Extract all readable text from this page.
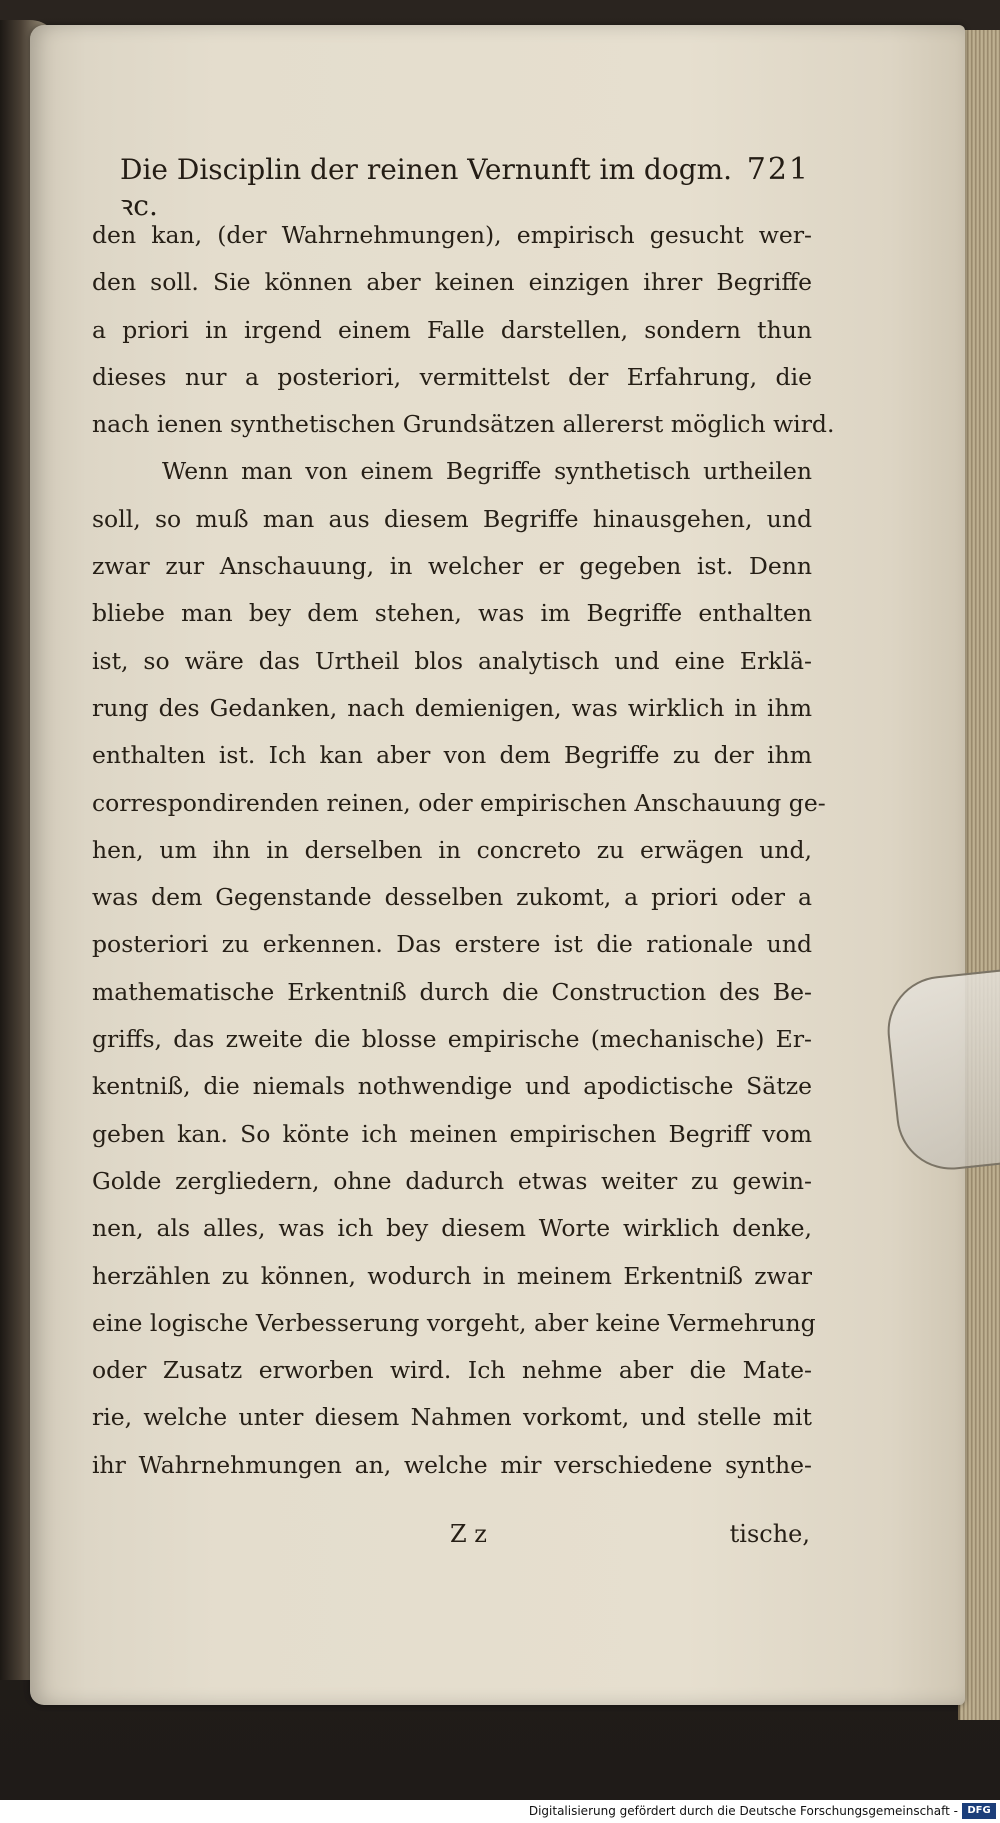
Die Disciplin der reinen Vernunft im dogm. ꝛc.
721
den kan, (der Wahrnehmungen), empirisch gesucht wer-
den soll. Sie können aber keinen einzigen ihrer Begriffe
a priori in irgend einem Falle darstellen, sondern thun
dieses nur a posteriori, vermittelst der Erfahrung, die
nach ienen synthetischen Grundsätzen allererst möglich wird.
Wenn man von einem Begriffe synthetisch urtheilen
soll, so muß man aus diesem Begriffe hinausgehen, und
zwar zur Anschauung, in welcher er gegeben ist. Denn
bliebe man bey dem stehen, was im Begriffe enthalten
ist, so wäre das Urtheil blos analytisch und eine Erklä-
rung des Gedanken, nach demienigen, was wirklich in ihm
enthalten ist. Ich kan aber von dem Begriffe zu der ihm
correspondirenden reinen, oder empirischen Anschauung ge-
hen, um ihn in derselben in concreto zu erwägen und,
was dem Gegenstande desselben zukomt, a priori oder a
posteriori zu erkennen. Das erstere ist die rationale und
mathematische Erkentniß durch die Construction des Be-
griffs, das zweite die blosse empirische (mechanische) Er-
kentniß, die niemals nothwendige und apodictische Sätze
geben kan. So könte ich meinen empirischen Begriff vom
Golde zergliedern, ohne dadurch etwas weiter zu gewin-
nen, als alles, was ich bey diesem Worte wirklich denke,
herzählen zu können, wodurch in meinem Erkentniß zwar
eine logische Verbesserung vorgeht, aber keine Vermehrung
oder Zusatz erworben wird. Ich nehme aber die Mate-
rie, welche unter diesem Nahmen vorkomt, und stelle mit
ihr Wahrnehmungen an, welche mir verschiedene synthe-
Z z	tische,
Digitalisierung gefördert durch die Deutsche Forschungsgemeinschaft - DFG
